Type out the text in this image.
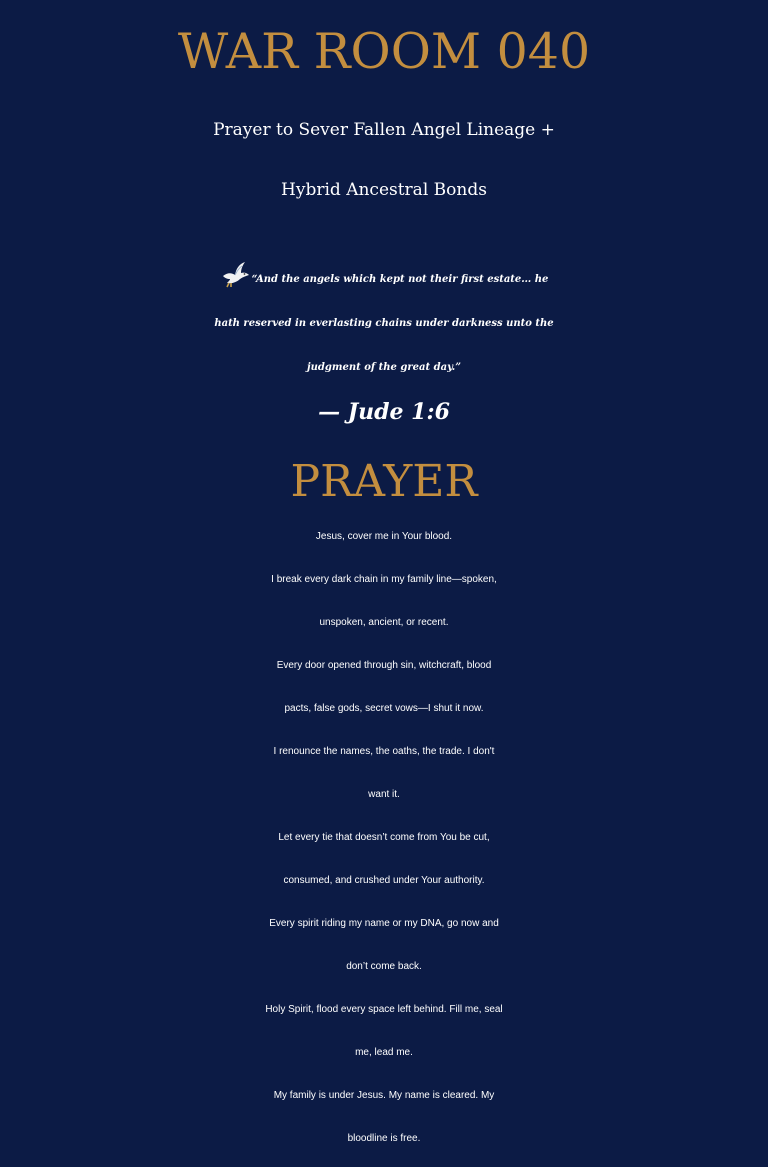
WAR ROOM 040
Prayer to Sever Fallen Angel Lineage +
Hybrid Ancestral Bonds

“And the angels which kept not their first estate… he
hath reserved in everlasting chains under darkness unto the
judgment of the great day.”
— Jude 1:6

PRAYER

Jesus, cover me in Your blood.
I break every dark chain in my family line—spoken,
unspoken, ancient, or recent.
Every door opened through sin, witchcraft, blood
pacts, false gods, secret vows—I shut it now.
I renounce the names, the oaths, the trade. I don't
want it.
Let every tie that doesn’t come from You be cut,
consumed, and crushed under Your authority.
Every spirit riding my name or my DNA, go now and
don’t come back.
Holy Spirit, flood every space left behind. Fill me, seal
me, lead me.
My family is under Jesus. My name is cleared. My
bloodline is free.
